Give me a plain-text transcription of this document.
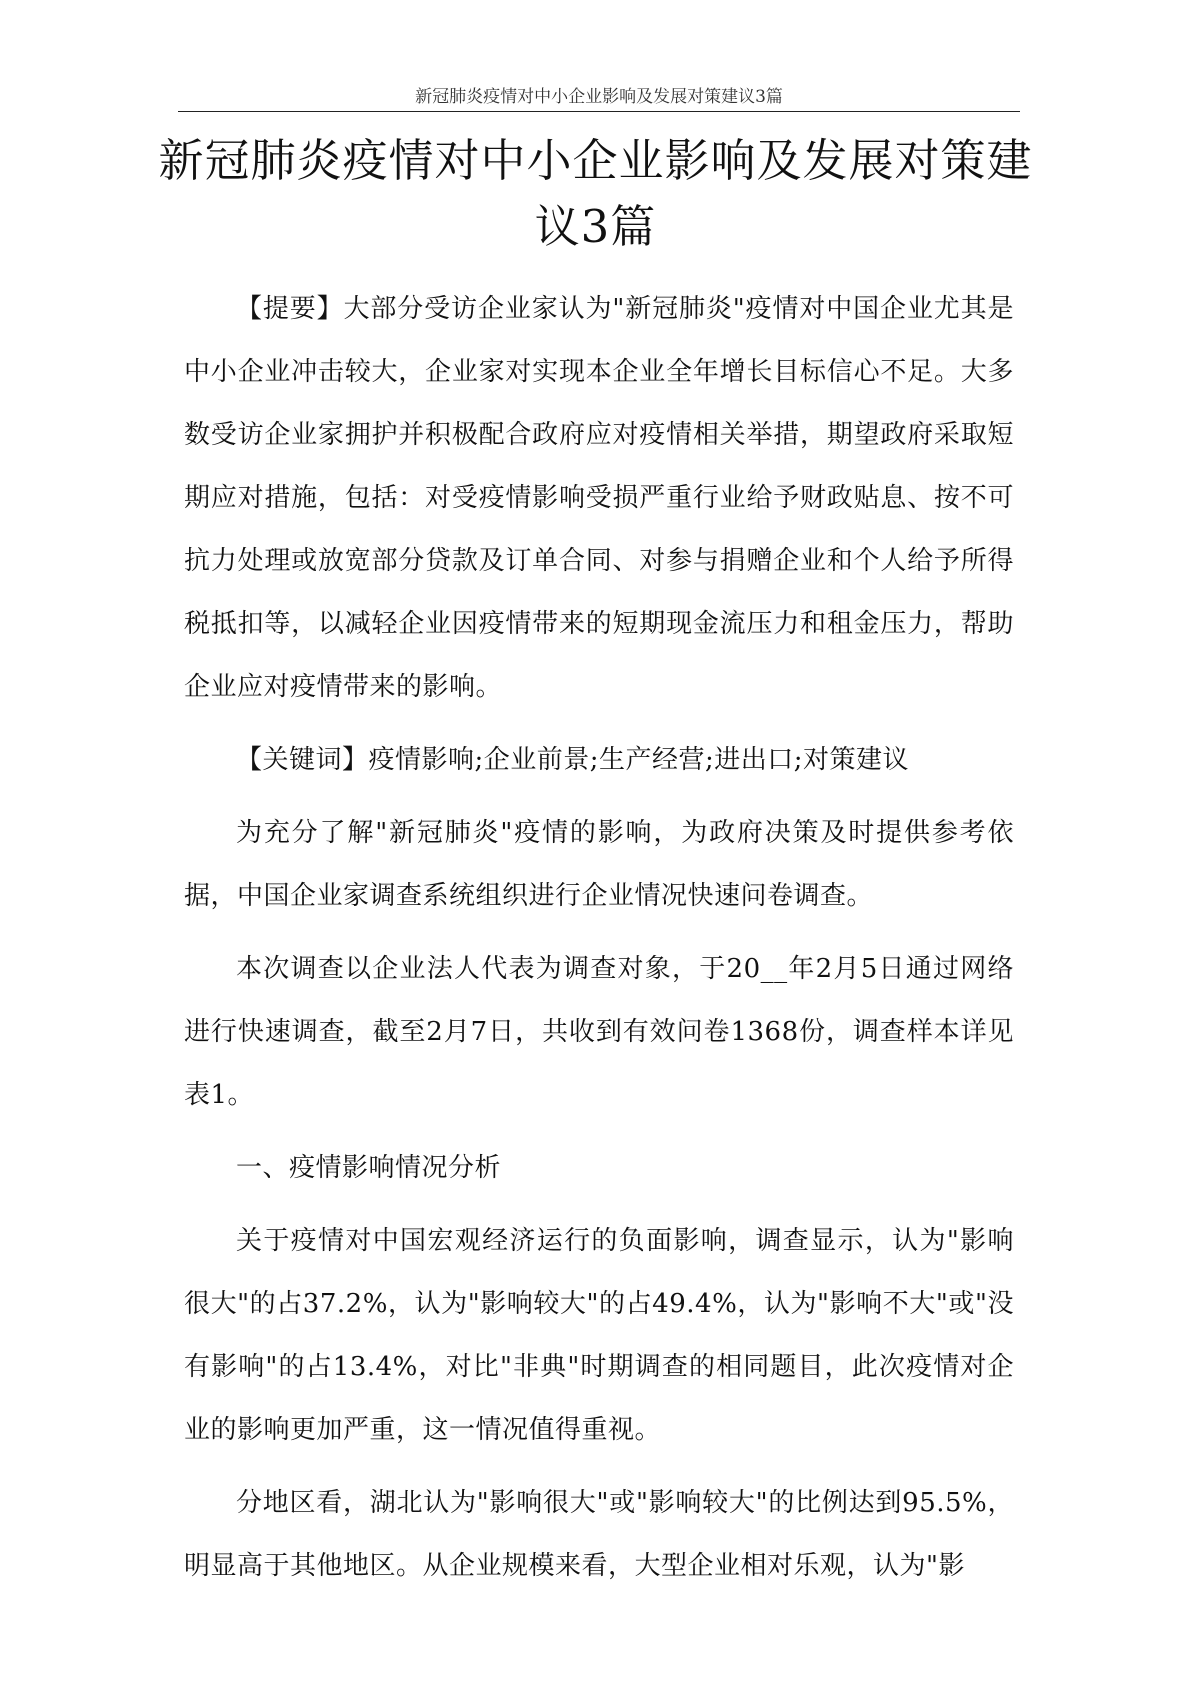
新冠肺炎疫情对中小企业影响及发展对策建议3篇
新冠肺炎疫情对中小企业影响及发展对策建议3篇

【提要】大部分受访企业家认为"新冠肺炎"疫情对中国企业尤其是中小企业冲击较大，企业家对实现本企业全年增长目标信心不足。大多数受访企业家拥护并积极配合政府应对疫情相关举措，期望政府采取短期应对措施，包括：对受疫情影响受损严重行业给予财政贴息、按不可抗力处理或放宽部分贷款及订单合同、对参与捐赠企业和个人给予所得税抵扣等，以减轻企业因疫情带来的短期现金流压力和租金压力，帮助企业应对疫情带来的影响。

【关键词】疫情影响;企业前景;生产经营;进出口;对策建议

为充分了解"新冠肺炎"疫情的影响，为政府决策及时提供参考依据，中国企业家调查系统组织进行企业情况快速问卷调查。

本次调查以企业法人代表为调查对象，于20__年2月5日通过网络进行快速调查，截至2月7日，共收到有效问卷1368份，调查样本详见表1。

一、疫情影响情况分析

关于疫情对中国宏观经济运行的负面影响，调查显示，认为"影响很大"的占37.2%，认为"影响较大"的占49.4%，认为"影响不大"或"没有影响"的占13.4%，对比"非典"时期调查的相同题目，此次疫情对企业的影响更加严重，这一情况值得重视。

分地区看，湖北认为"影响很大"或"影响较大"的比例达到95.5%，明显高于其他地区。从企业规模来看，大型企业相对乐观，认为"影
